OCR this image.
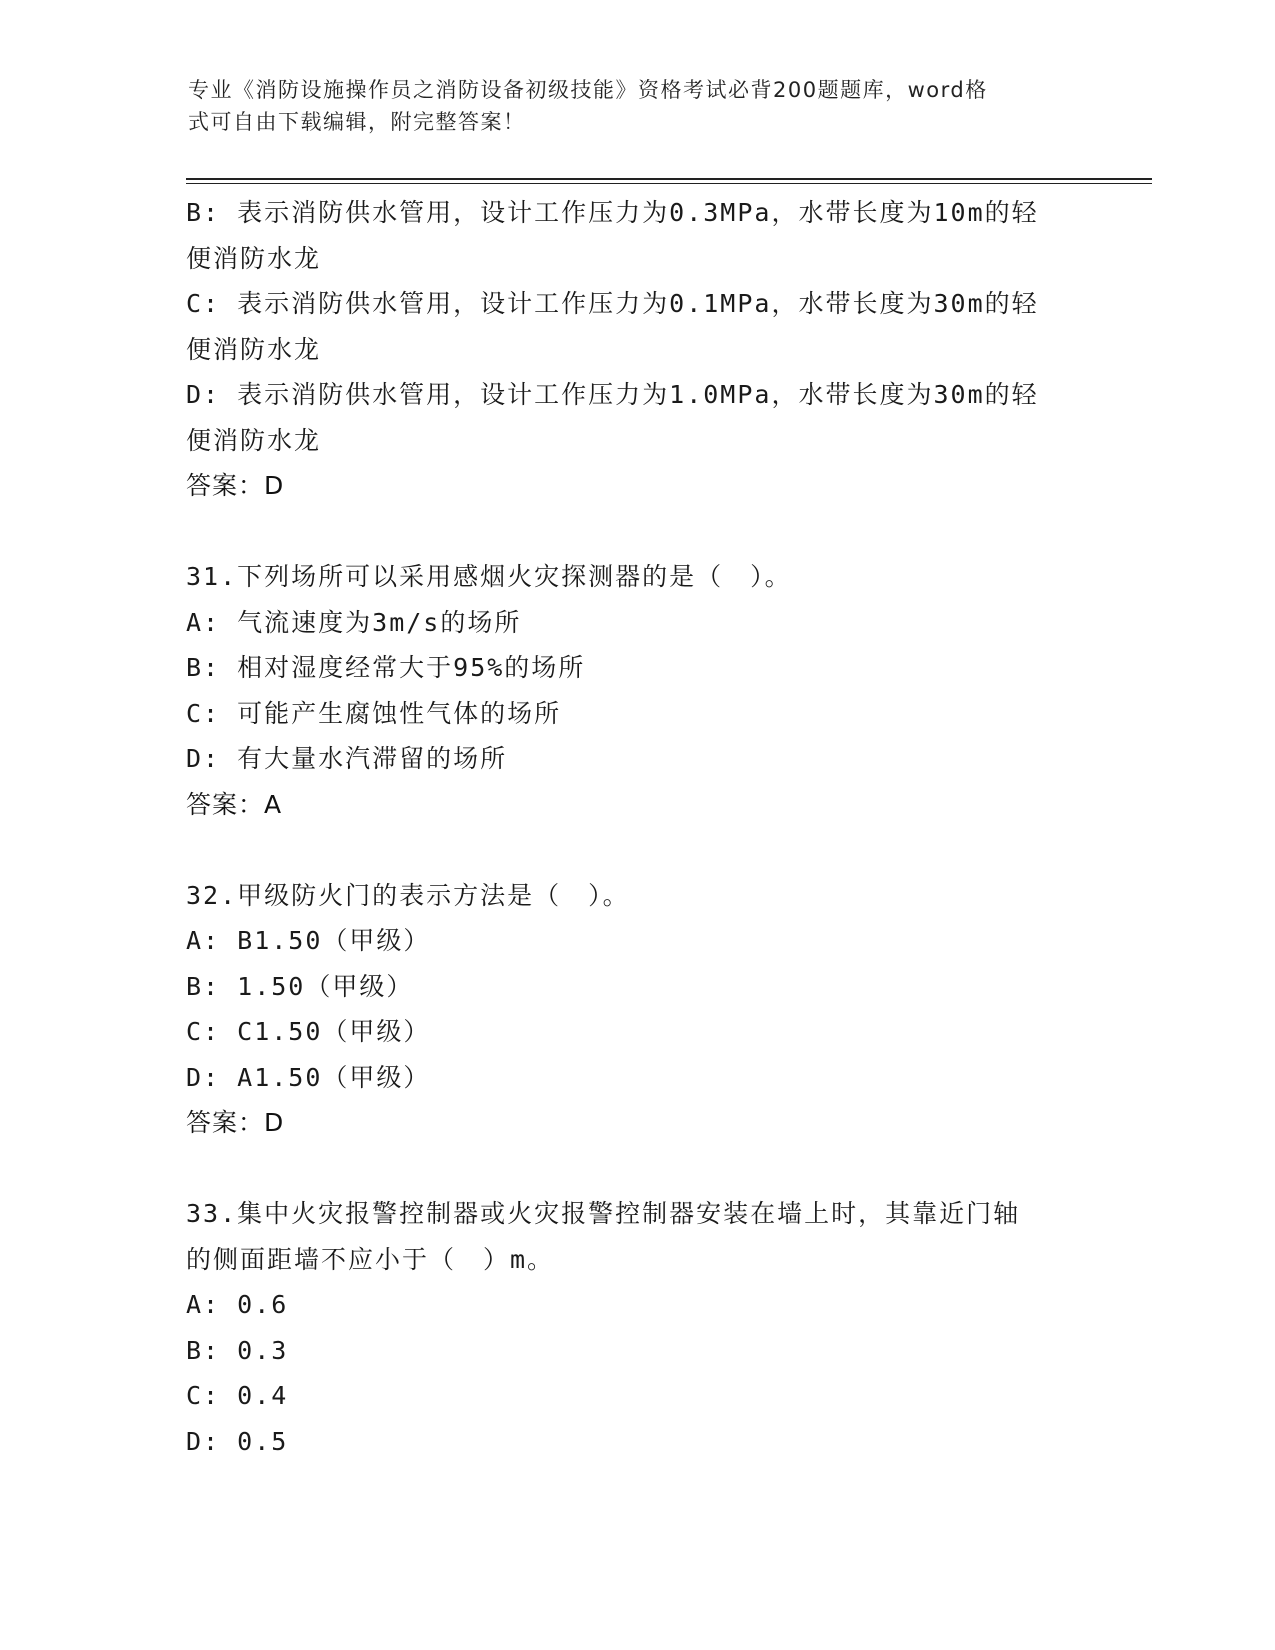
专业《消防设施操作员之消防设备初级技能》资格考试必背200题题库，word格
式可自由下载编辑，附完整答案！
B: 表示消防供水管用，设计工作压力为0.3MPa，水带长度为10m的轻
便消防水龙
C: 表示消防供水管用，设计工作压力为0.1MPa，水带长度为30m的轻
便消防水龙
D: 表示消防供水管用，设计工作压力为1.0MPa，水带长度为30m的轻
便消防水龙
答案：D
31.下列场所可以采用感烟火灾探测器的是（　）。
A: 气流速度为3m/s的场所
B: 相对湿度经常大于95%的场所
C: 可能产生腐蚀性气体的场所
D: 有大量水汽滞留的场所
答案：A
32.甲级防火门的表示方法是（　）。
A: B1.50（甲级）
B: 1.50（甲级）
C: C1.50（甲级）
D: A1.50（甲级）
答案：D
33.集中火灾报警控制器或火灾报警控制器安装在墙上时，其靠近门轴
的侧面距墙不应小于（　）m。
A: 0.6
B: 0.3
C: 0.4
D: 0.5
